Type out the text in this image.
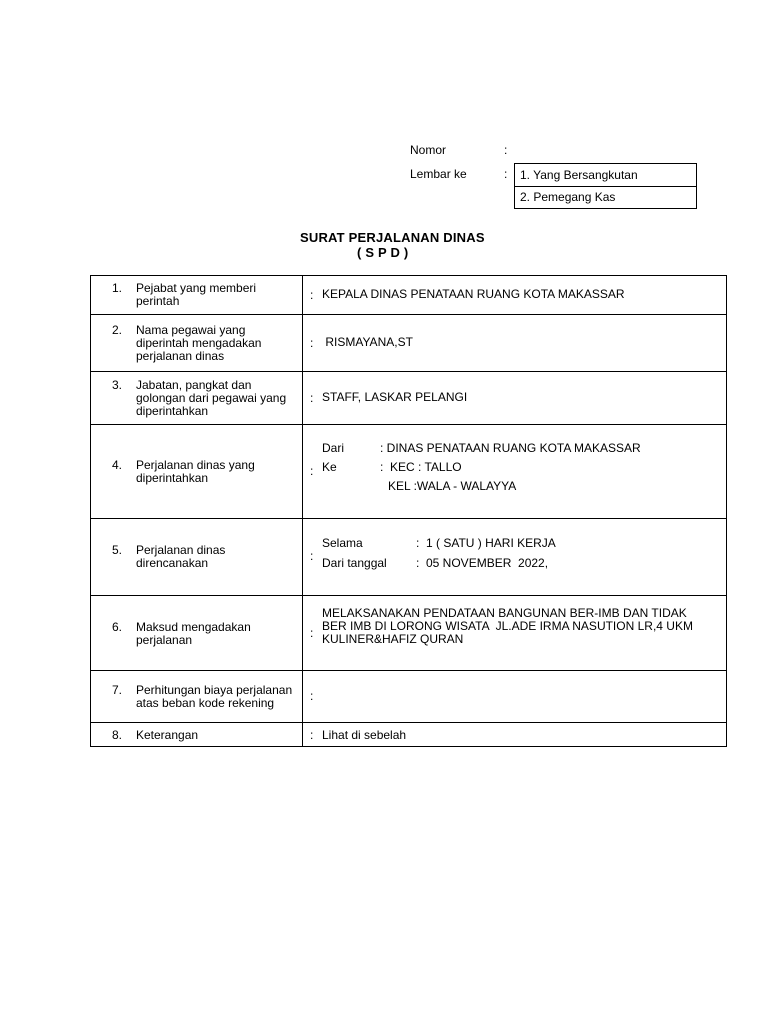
Nomor	:
Lembar ke	: 1. Yang Bersangkutan
2. Pemegang Kas
SURAT PERJALANAN DINAS
( S P D )
1. Pejabat yang memberi
perintah	: KEPALA DINAS PENATAAN RUANG KOTA MAKASSAR
2. Nama pegawai yang
diperintah mengadakan
perjalanan dinas
: RISMAYANA,ST
3. Jabatan, pangkat dan
golongan dari pegawai yang
diperintahkan
: STAFF, LASKAR PELANGI
4. Perjalanan dinas yang
diperintahkan	:
Dari	: DINAS PENATAAN RUANG KOTA MAKASSAR
Ke	:  KEC : TALLO
KEL :WALA - WALAYYA
5. Perjalanan dinas
direncanakan	:
Selama	:  1 ( SATU ) HARI KERJA
Dari tanggal :  05 NOVEMBER  2022,
6. Maksud mengadakan
perjalanan	:
MELAKSANAKAN PENDATAAN BANGUNAN BER-IMB DAN TIDAK
BER IMB DI LORONG WISATA  JL.ADE IRMA NASUTION LR,4 UKM
KULINER&HAFIZ QURAN
7. Perhitungan biaya perjalanan
atas beban kode rekening	:
8. Keterangan	: Lihat di sebelah
